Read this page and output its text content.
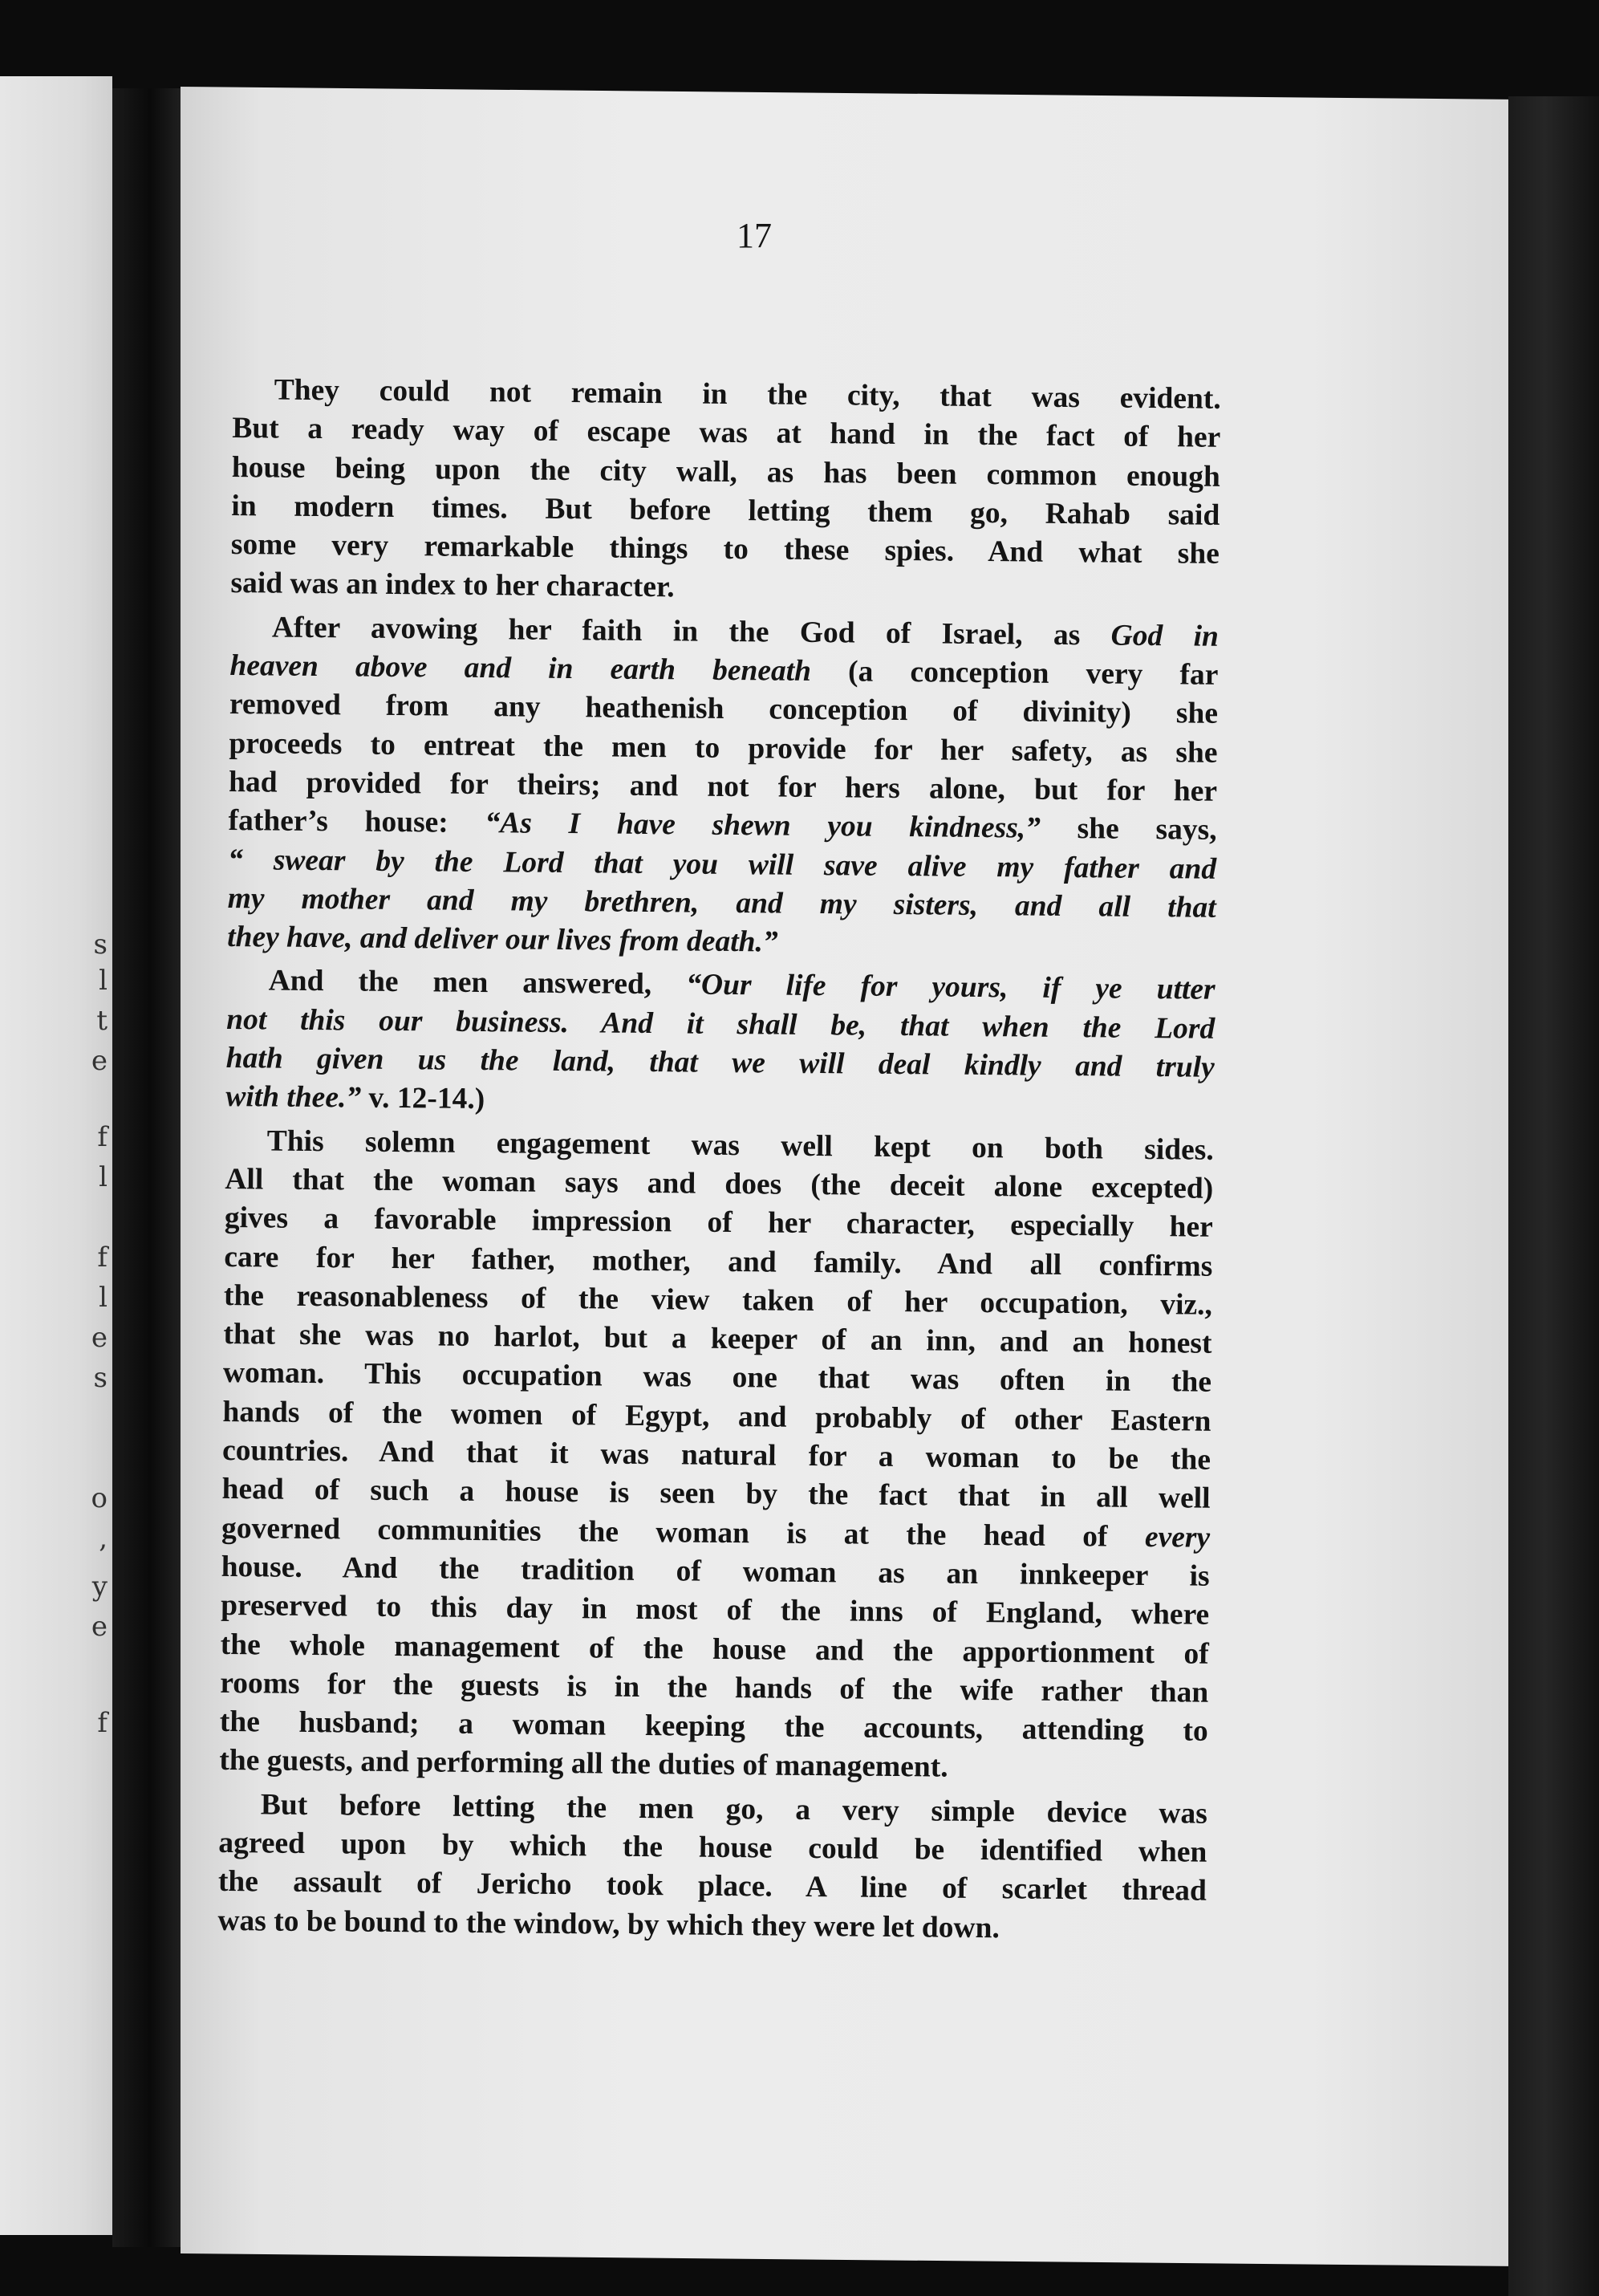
s
l
t
e
f
l
f
l
e
s
o
,
y
e
f
17
They could not remain in the city, that was evident.
But a ready way of escape was at hand in the fact of her
house being upon the city wall, as has been common enough
in modern times. But before letting them go, Rahab said
some very remarkable things to these spies. And what she
said was an index to her character.
After avowing her faith in the God of Israel, as God in
heaven above and in earth beneath (a conception very far
removed from any heathenish conception of divinity) she
proceeds to entreat the men to provide for her safety, as she
had provided for theirs; and not for hers alone, but for her
father’s house: “As I have shewn you kindness,” she says,
“ swear by the Lord that you will save alive my father and
my mother and my brethren, and my sisters, and all that
they have, and deliver our lives from death.”
And the men answered, “Our life for yours, if ye utter
not this our business. And it shall be, that when the Lord
hath given us the land, that we will deal kindly and truly
with thee.” v. 12-14.)
This solemn engagement was well kept on both sides.
All that the woman says and does (the deceit alone excepted)
gives a favorable impression of her character, especially her
care for her father, mother, and family. And all confirms
the reasonableness of the view taken of her occupation, viz.,
that she was no harlot, but a keeper of an inn, and an honest
woman. This occupation was one that was often in the
hands of the women of Egypt, and probably of other Eastern
countries. And that it was natural for a woman to be the
head of such a house is seen by the fact that in all well
governed communities the woman is at the head of every
house. And the tradition of woman as an innkeeper is
preserved to this day in most of the inns of England, where
the whole management of the house and the apportionment of
rooms for the guests is in the hands of the wife rather than
the husband; a woman keeping the accounts, attending to
the guests, and performing all the duties of management.
But before letting the men go, a very simple device was
agreed upon by which the house could be identified when
the assault of Jericho took place. A line of scarlet thread
was to be bound to the window, by which they were let down.
